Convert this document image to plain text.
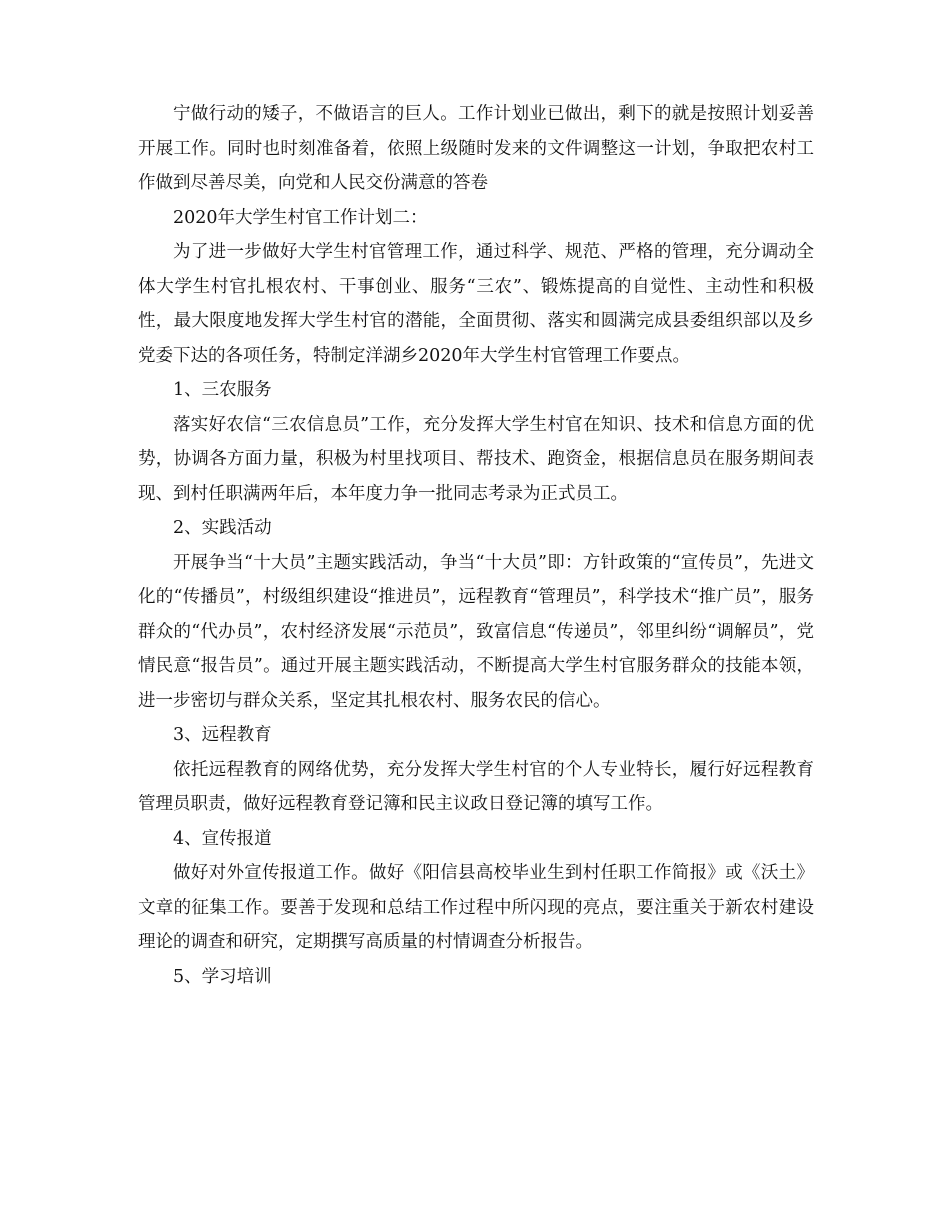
宁做行动的矮子，不做语言的巨人。工作计划业已做出，剩下的就是按照计划妥善开展工作。同时也时刻准备着，依照上级随时发来的文件调整这一计划，争取把农村工作做到尽善尽美，向党和人民交份满意的答卷

2020年大学生村官工作计划二：

为了进一步做好大学生村官管理工作，通过科学、规范、严格的管理，充分调动全体大学生村官扎根农村、干事创业、服务“三农”、锻炼提高的自觉性、主动性和积极性，最大限度地发挥大学生村官的潜能，全面贯彻、落实和圆满完成县委组织部以及乡党委下达的各项任务，特制定洋湖乡2020年大学生村官管理工作要点。

1、三农服务

落实好农信“三农信息员”工作，充分发挥大学生村官在知识、技术和信息方面的优势，协调各方面力量，积极为村里找项目、帮技术、跑资金，根据信息员在服务期间表现、到村任职满两年后，本年度力争一批同志考录为正式员工。

2、实践活动

开展争当“十大员”主题实践活动，争当“十大员”即：方针政策的“宣传员”，先进文化的“传播员”，村级组织建设“推进员”，远程教育“管理员”，科学技术“推广员”，服务群众的“代办员”，农村经济发展“示范员”，致富信息“传递员”，邻里纠纷“调解员”，党情民意“报告员”。通过开展主题实践活动，不断提高大学生村官服务群众的技能本领，进一步密切与群众关系，坚定其扎根农村、服务农民的信心。

3、远程教育

依托远程教育的网络优势，充分发挥大学生村官的个人专业特长，履行好远程教育管理员职责，做好远程教育登记簿和民主议政日登记簿的填写工作。

4、宣传报道

做好对外宣传报道工作。做好《阳信县高校毕业生到村任职工作简报》或《沃土》文章的征集工作。要善于发现和总结工作过程中所闪现的亮点，要注重关于新农村建设理论的调查和研究，定期撰写高质量的村情调查分析报告。

5、学习培训
